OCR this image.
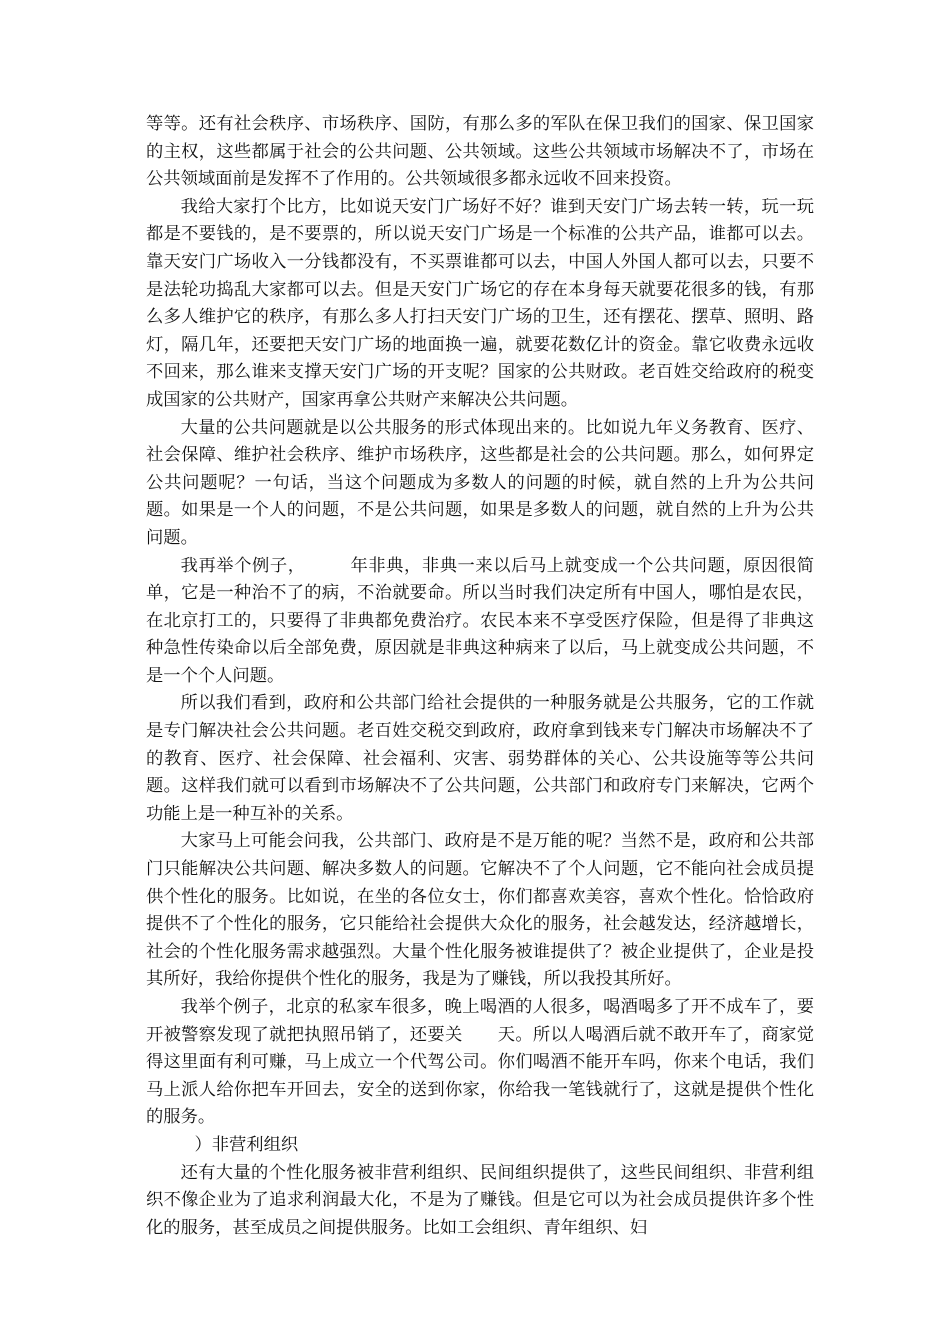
等等。还有社会秩序、市场秩序、国防，有那么多的军队在保卫我们的国家、保卫国家的主权，这些都属于社会的公共问题、公共领域。这些公共领域市场解决不了，市场在公共领域面前是发挥不了作用的。公共领域很多都永远收不回来投资。

我给大家打个比方，比如说天安门广场好不好？谁到天安门广场去转一转，玩一玩都是不要钱的，是不要票的，所以说天安门广场是一个标准的公共产品，谁都可以去。靠天安门广场收入一分钱都没有，不买票谁都可以去，中国人外国人都可以去，只要不是法轮功捣乱大家都可以去。但是天安门广场它的存在本身每天就要花很多的钱，有那么多人维护它的秩序，有那么多人打扫天安门广场的卫生，还有摆花、摆草、照明、路灯，隔几年，还要把天安门广场的地面换一遍，就要花数亿计的资金。靠它收费永远收不回来，那么谁来支撑天安门广场的开支呢？国家的公共财政。老百姓交给政府的税变成国家的公共财产，国家再拿公共财产来解决公共问题。

大量的公共问题就是以公共服务的形式体现出来的。比如说九年义务教育、医疗、社会保障、维护社会秩序、维护市场秩序，这些都是社会的公共问题。那么，如何界定公共问题呢？一句话，当这个问题成为多数人的问题的时候，就自然的上升为公共问题。如果是一个人的问题，不是公共问题，如果是多数人的问题，就自然的上升为公共问题。

我再举个例子，　　　年非典，非典一来以后马上就变成一个公共问题，原因很简单，它是一种治不了的病，不治就要命。所以当时我们决定所有中国人，哪怕是农民，在北京打工的，只要得了非典都免费治疗。农民本来不享受医疗保险，但是得了非典这种急性传染命以后全部免费，原因就是非典这种病来了以后，马上就变成公共问题，不是一个个人问题。

所以我们看到，政府和公共部门给社会提供的一种服务就是公共服务，它的工作就是专门解决社会公共问题。老百姓交税交到政府，政府拿到钱来专门解决市场解决不了的教育、医疗、社会保障、社会福利、灾害、弱势群体的关心、公共设施等等公共问题。这样我们就可以看到市场解决不了公共问题，公共部门和政府专门来解决，它两个功能上是一种互补的关系。

大家马上可能会问我，公共部门、政府是不是万能的呢？当然不是，政府和公共部门只能解决公共问题、解决多数人的问题。它解决不了个人问题，它不能向社会成员提供个性化的服务。比如说，在坐的各位女士，你们都喜欢美容，喜欢个性化。恰恰政府提供不了个性化的服务，它只能给社会提供大众化的服务，社会越发达，经济越增长，社会的个性化服务需求越强烈。大量个性化服务被谁提供了？被企业提供了，企业是投其所好，我给你提供个性化的服务，我是为了赚钱，所以我投其所好。

我举个例子，北京的私家车很多，晚上喝酒的人很多，喝酒喝多了开不成车了，要开被警察发现了就把执照吊销了，还要关　　天。所以人喝酒后就不敢开车了，商家觉得这里面有利可赚，马上成立一个代驾公司。你们喝酒不能开车吗，你来个电话，我们马上派人给你把车开回去，安全的送到你家，你给我一笔钱就行了，这就是提供个性化的服务。

）非营利组织

还有大量的个性化服务被非营利组织、民间组织提供了，这些民间组织、非营利组织不像企业为了追求利润最大化，不是为了赚钱。但是它可以为社会成员提供许多个性化的服务，甚至成员之间提供服务。比如工会组织、青年组织、妇
